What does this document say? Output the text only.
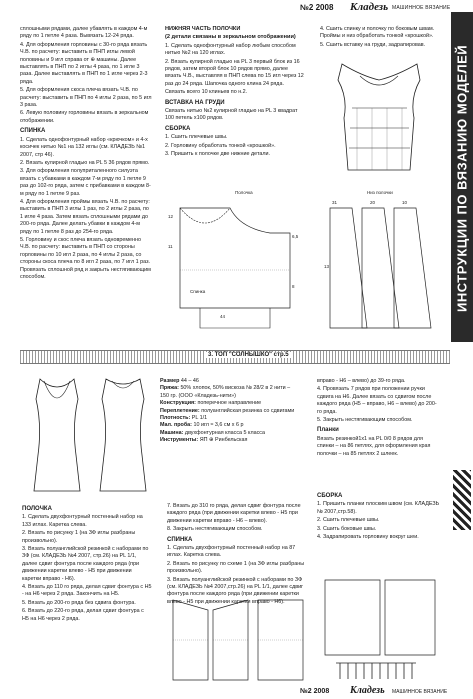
№2 2008 Кладезь МАШИННОЕ ВЯЗАНИЕ
ИНСТРУКЦИИ ПО ВЯЗАНИЮ МОДЕЛЕЙ

сплошными рядами, далее убавлять в каждом 4-м ряду по 1 петле 4 раза. Вывязать 12-24 ряда.

4. Для оформления горловины с 30-го ряда вязать Ч.В. по расчету: выставить в ПНП иглы левой половины и 9 игл справа от ⊕ машины. Далее выставлять в ПНП по 2 иглы 4 раза, по 1 игле 3 раза. Далее выставлять в ПНП по 1 игле через 2-3 ряда.

5. Для оформления скоса плеча вязать Ч.В. по расчету: выставить в ПНП по 4 иглы 2 раза, по 5 игл 3 раза.

6. Левую половину горловины вязать в зеркальном отображении.

СПИНКА

1. Сделать однофонтурный набор «крючком» и 4-х косичек нитью №1 на 132 иглы (см. КЛАДЕЗЬ №1 2007, стр 46).

2. Вязать кулирной гладью на PL 5 36 рядов прямо.

3. Для оформления полуприталенного силуэта вязать с убавками в каждом 7-м ряду по 1 петле 9 раз до 102-го ряда, затем с прибавками в каждом 8-м ряду по 1 петле 9 раз.

4. Для оформления проймы вязать Ч.В. по расчету: выставить в ПНП 3 иглы 1 раз, по 2 иглы 2 раза, по 1 игле 4 раза. Затем вязать сплошными рядами до 200-го ряда. Далее делать убавки в каждом 4-м ряду по 1 петле 8 раз до 254-го ряда.

5. Горловину и скос плеча вязать одновременно Ч.В. по расчету: выставить в ПНП со стороны горловины по 10 игл 2 раза, по 4 иглы 2 раза, со стороны скоса плеча по 8 игл 2 раза, по 7 игл 1 раз. Провязать сплошной ряд и закрыть нестягивающим способом.

НИЖНЯЯ ЧАСТЬ ПОЛОЧКИ

(2 детали связаны в зеркальном отображении)

1. Сделать однофонтурный набор любым способом нитью №2 на 120 иглах.

2. Вязать кулирной гладью на PL 3 первый блок из 16 рядов, затем второй блок 10 рядов прямо, далее вязать Ч.В., выставляя в ПНП слева по 15 игл через 12 раз до 24 ряда. Шапочка одного клина 24 ряда.

Связать всего 10 клиньев по н.2.

ВСТАВКА НА ГРУДИ

Связать нитью №2 кулирной гладью на PL 3 квадрат 100 петель х100 рядов.

СБОРКА

1. Сшить плечевые швы.

2. Горловину обработать тонкой «крошкой».

3. Пришить к полочке две нижние детали.

4. Сшить спинку и полочку по боковым швам. Проймы и низ обработать тонкой «крошкой».

5. Сшить вставку на груди, задрапировав.

Полочка
Спинка
12
11
44
6,5
8
Низ полочки
31	20	10
13
3. ТОП "СОЛНЫШКО" стр.5

Размер 44 – 46

Пряжа: 50% хлопок, 50% вискоза № 28/2 в 2 нити – 150 гр. (ООО «Кладезь-нити»)

Конструкция: поперечное направление

Переплетение: полуанглийская резинка со сдвигами

Плотность: PL 1/1

Мал. проба: 10 игл ≈ 3,6 см х 6 р

Машина: двухфонтурная класса 5 класса

Инструменты: ЯП ⊕ Ринбельская

ПОЛОЧКА

1. Сделать двухфонтурный постенный набор на 133 иглах. Каретка слева.

2. Вязать по рисунку 1 (на ЗФ иглы разбраны произвольно).

3. Вязать полуанглийской резинкой с наборами по ЗФ (см. КЛАДЕЗЬ №4 2007, стр.26) на PL 1/1, далее сдвиг фонтура после каждого ряда (при движении каретки влево - Н5 при движении каретки вправо - Н6).

4. Вязать до 110 го ряда, делая сдвиг фонтура с Н5 - на Н6 через 2 ряда. Закончить на Н5.

5. Вязать до 200-го ряда без сдвига фонтура.

6. Вязать до 220-го ряда, делая сдвиг фонтура с Н5 на Н6 через 2 ряда.

7. Вязать до 310 го ряда, делая сдвиг фонтура после каждого ряда (при движении каретки влево - Н5 при движении каретки вправо - Н6 – влево).

8. Закрыть нестягивающим способом.

СПИНКА

1. Сделать двухфонтурный постенный набор на 87 иглах. Каретка слева.

2. Вязать по рисунку по схеме 1 (на ЗФ иглы разбраны произвольно).

3. Вязать полуанглийской резинкой с наборами по ЗФ (см. КЛАДЕЗЬ №4 2007,стр.26) на PL 1/1, далее сдвиг фонтура после каждого ряда (при движении каретки влево - Н5 при движении каретки вправо - Н6).

вправо - Н6 – влево) до 39-го ряда.

4. Провязать 7 рядов при положении ручки сдвига на Н6. Далее вязать со сдвигом после каждого ряда (Н5 – вправо, Н6 – влево) до 200-го ряда.

5. Закрыть нестягивающим способом.

Планки

Вязать резинкой1х1 на PL 0/0 8 рядов для спинки – на 86 петлях, для оформления края полочки – на 85 петлях 2 шлеек.

СБОРКА

1. Пришить планки плоским швом (см. КЛАДЕЗЬ № 2007,стр.58).

2. Сшить плечевые швы.

3. Сшить боковые швы.

4. Задрапировать горловину вокруг шеи.

№2 2008 Кладезь МАШИННОЕ ВЯЗАНИЕ
